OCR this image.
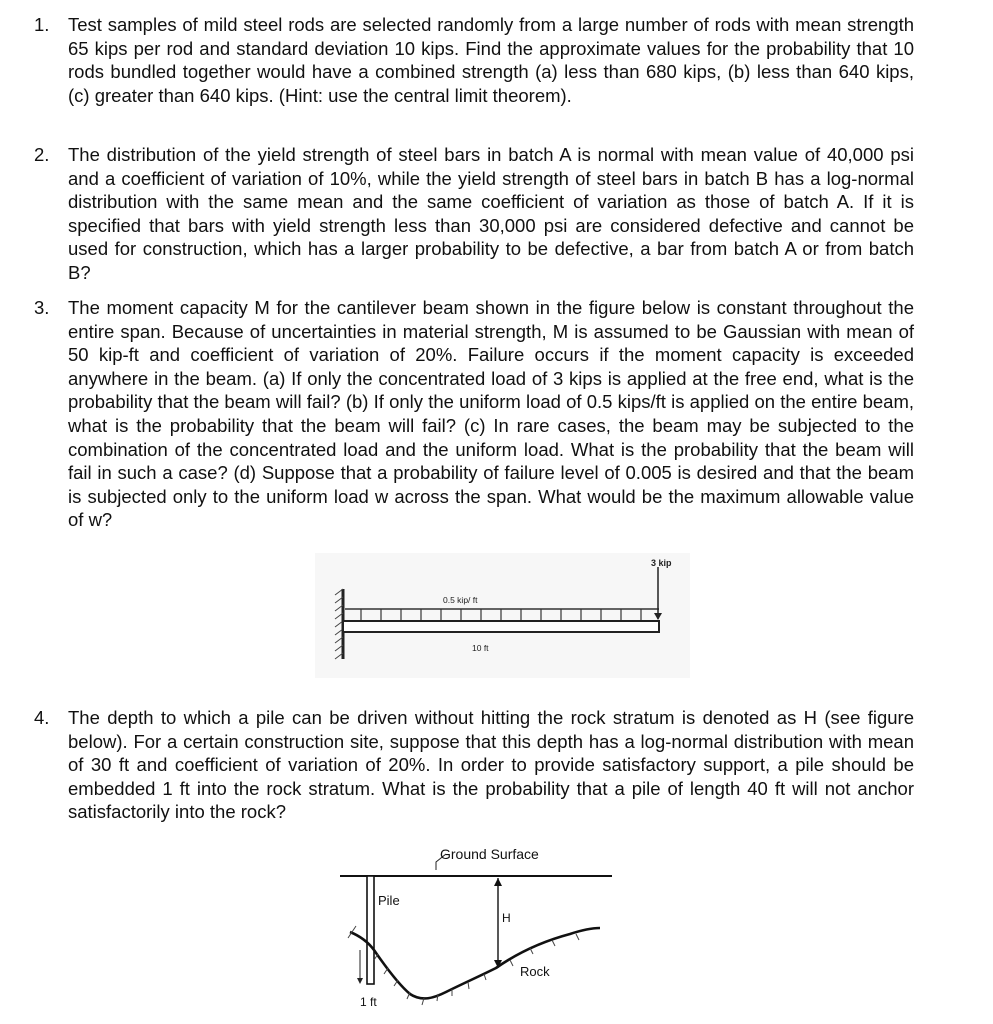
1. Test samples of mild steel rods are selected randomly from a large number of rods with mean strength 65 kips per rod and standard deviation 10 kips. Find the approximate values for the probability that 10 rods bundled together would have a combined strength (a) less than 680 kips, (b) less than 640 kips, (c) greater than 640 kips. (Hint: use the central limit theorem).
2. The distribution of the yield strength of steel bars in batch A is normal with mean value of 40,000 psi and a coefficient of variation of 10%, while the yield strength of steel bars in batch B has a log-normal distribution with the same mean and the same coefficient of variation as those of batch A. If it is specified that bars with yield strength less than 30,000 psi are considered defective and cannot be used for construction, which has a larger probability to be defective, a bar from batch A or from batch B?
3. The moment capacity M for the cantilever beam shown in the figure below is constant throughout the entire span. Because of uncertainties in material strength, M is assumed to be Gaussian with mean of 50 kip-ft and coefficient of variation of 20%. Failure occurs if the moment capacity is exceeded anywhere in the beam. (a) If only the concentrated load of 3 kips is applied at the free end, what is the probability that the beam will fail? (b) If only the uniform load of 0.5 kips/ft is applied on the entire beam, what is the probability that the beam will fail? (c) In rare cases, the beam may be subjected to the combination of the concentrated load and the uniform load. What is the probability that the beam will fail in such a case? (d) Suppose that a probability of failure level of 0.005 is desired and that the beam is subjected only to the uniform load w across the span. What would be the maximum allowable value of w?
3 kip
0.5 kip/ ft
10 ft
4. The depth to which a pile can be driven without hitting the rock stratum is denoted as H (see figure below). For a certain construction site, suppose that this depth has a log-normal distribution with mean of 30 ft and coefficient of variation of 20%. In order to provide satisfactory support, a pile should be embedded 1 ft into the rock stratum. What is the probability that a pile of length 40 ft will not anchor satisfactorily into the rock?
Ground Surface
Pile
H
Rock
1 ft
